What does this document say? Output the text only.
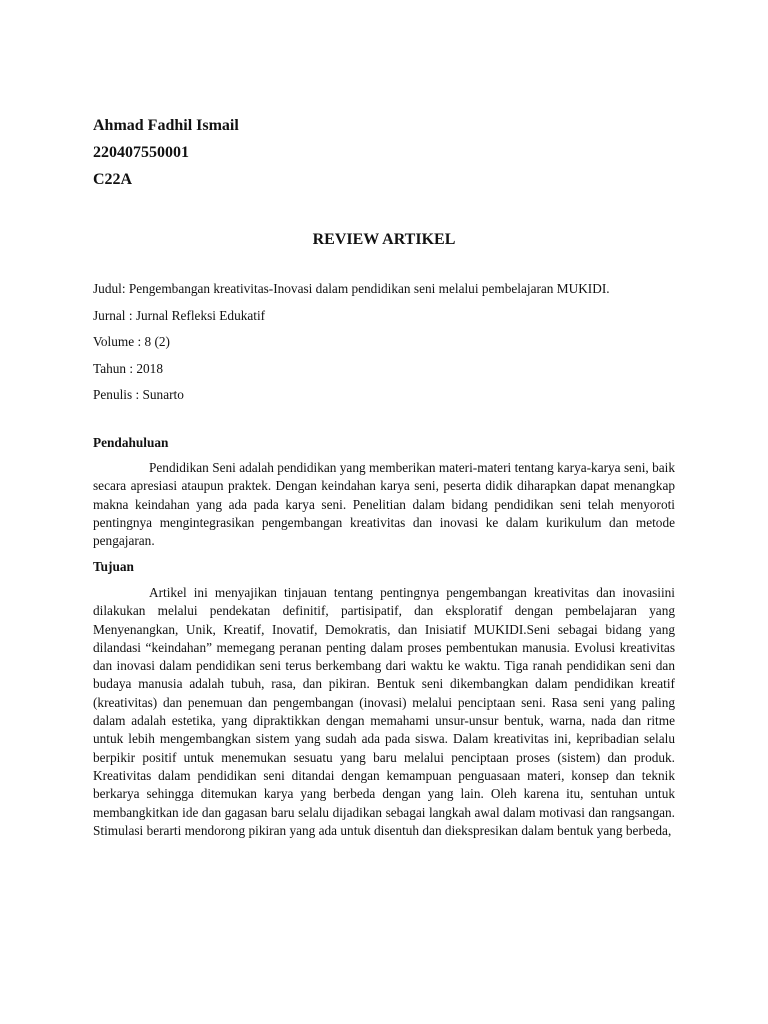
Ahmad Fadhil Ismail

220407550001

C22A

REVIEW ARTIKEL

Judul: Pengembangan kreativitas-Inovasi dalam pendidikan seni melalui pembelajaran MUKIDI.

Jurnal : Jurnal Refleksi Edukatif

Volume : 8 (2)

Tahun : 2018

Penulis : Sunarto

Pendahuluan

Pendidikan Seni adalah pendidikan yang memberikan materi-materi tentang karya-karya seni, baik secara apresiasi ataupun praktek. Dengan keindahan karya seni, peserta didik diharapkan dapat menangkap makna keindahan yang ada pada karya seni. Penelitian dalam bidang pendidikan seni telah menyoroti pentingnya mengintegrasikan pengembangan kreativitas dan inovasi ke dalam kurikulum dan metode pengajaran.

Tujuan

Artikel ini menyajikan tinjauan tentang pentingnya pengembangan kreativitas dan inovasiini dilakukan melalui pendekatan definitif, partisipatif, dan eksploratif dengan pembelajaran yang Menyenangkan, Unik, Kreatif, Inovatif, Demokratis, dan Inisiatif MUKIDI.Seni sebagai bidang yang dilandasi “keindahan” memegang peranan penting dalam proses pembentukan manusia. Evolusi kreativitas dan inovasi dalam pendidikan seni terus berkembang dari waktu ke waktu. Tiga ranah pendidikan seni dan budaya manusia adalah tubuh, rasa, dan pikiran. Bentuk seni dikembangkan dalam pendidikan kreatif (kreativitas) dan penemuan dan pengembangan (inovasi) melalui penciptaan seni. Rasa seni yang paling dalam adalah estetika, yang dipraktikkan dengan memahami unsur-unsur bentuk, warna, nada dan ritme untuk lebih mengembangkan sistem yang sudah ada pada siswa. Dalam kreativitas ini, kepribadian selalu berpikir positif untuk menemukan sesuatu yang baru melalui penciptaan proses (sistem) dan produk. Kreativitas dalam pendidikan seni ditandai dengan kemampuan penguasaan materi, konsep dan teknik berkarya sehingga ditemukan karya yang berbeda dengan yang lain. Oleh karena itu, sentuhan untuk membangkitkan ide dan gagasan baru selalu dijadikan sebagai langkah awal dalam motivasi dan rangsangan. Stimulasi berarti mendorong pikiran yang ada untuk disentuh dan diekspresikan dalam bentuk yang berbeda,
